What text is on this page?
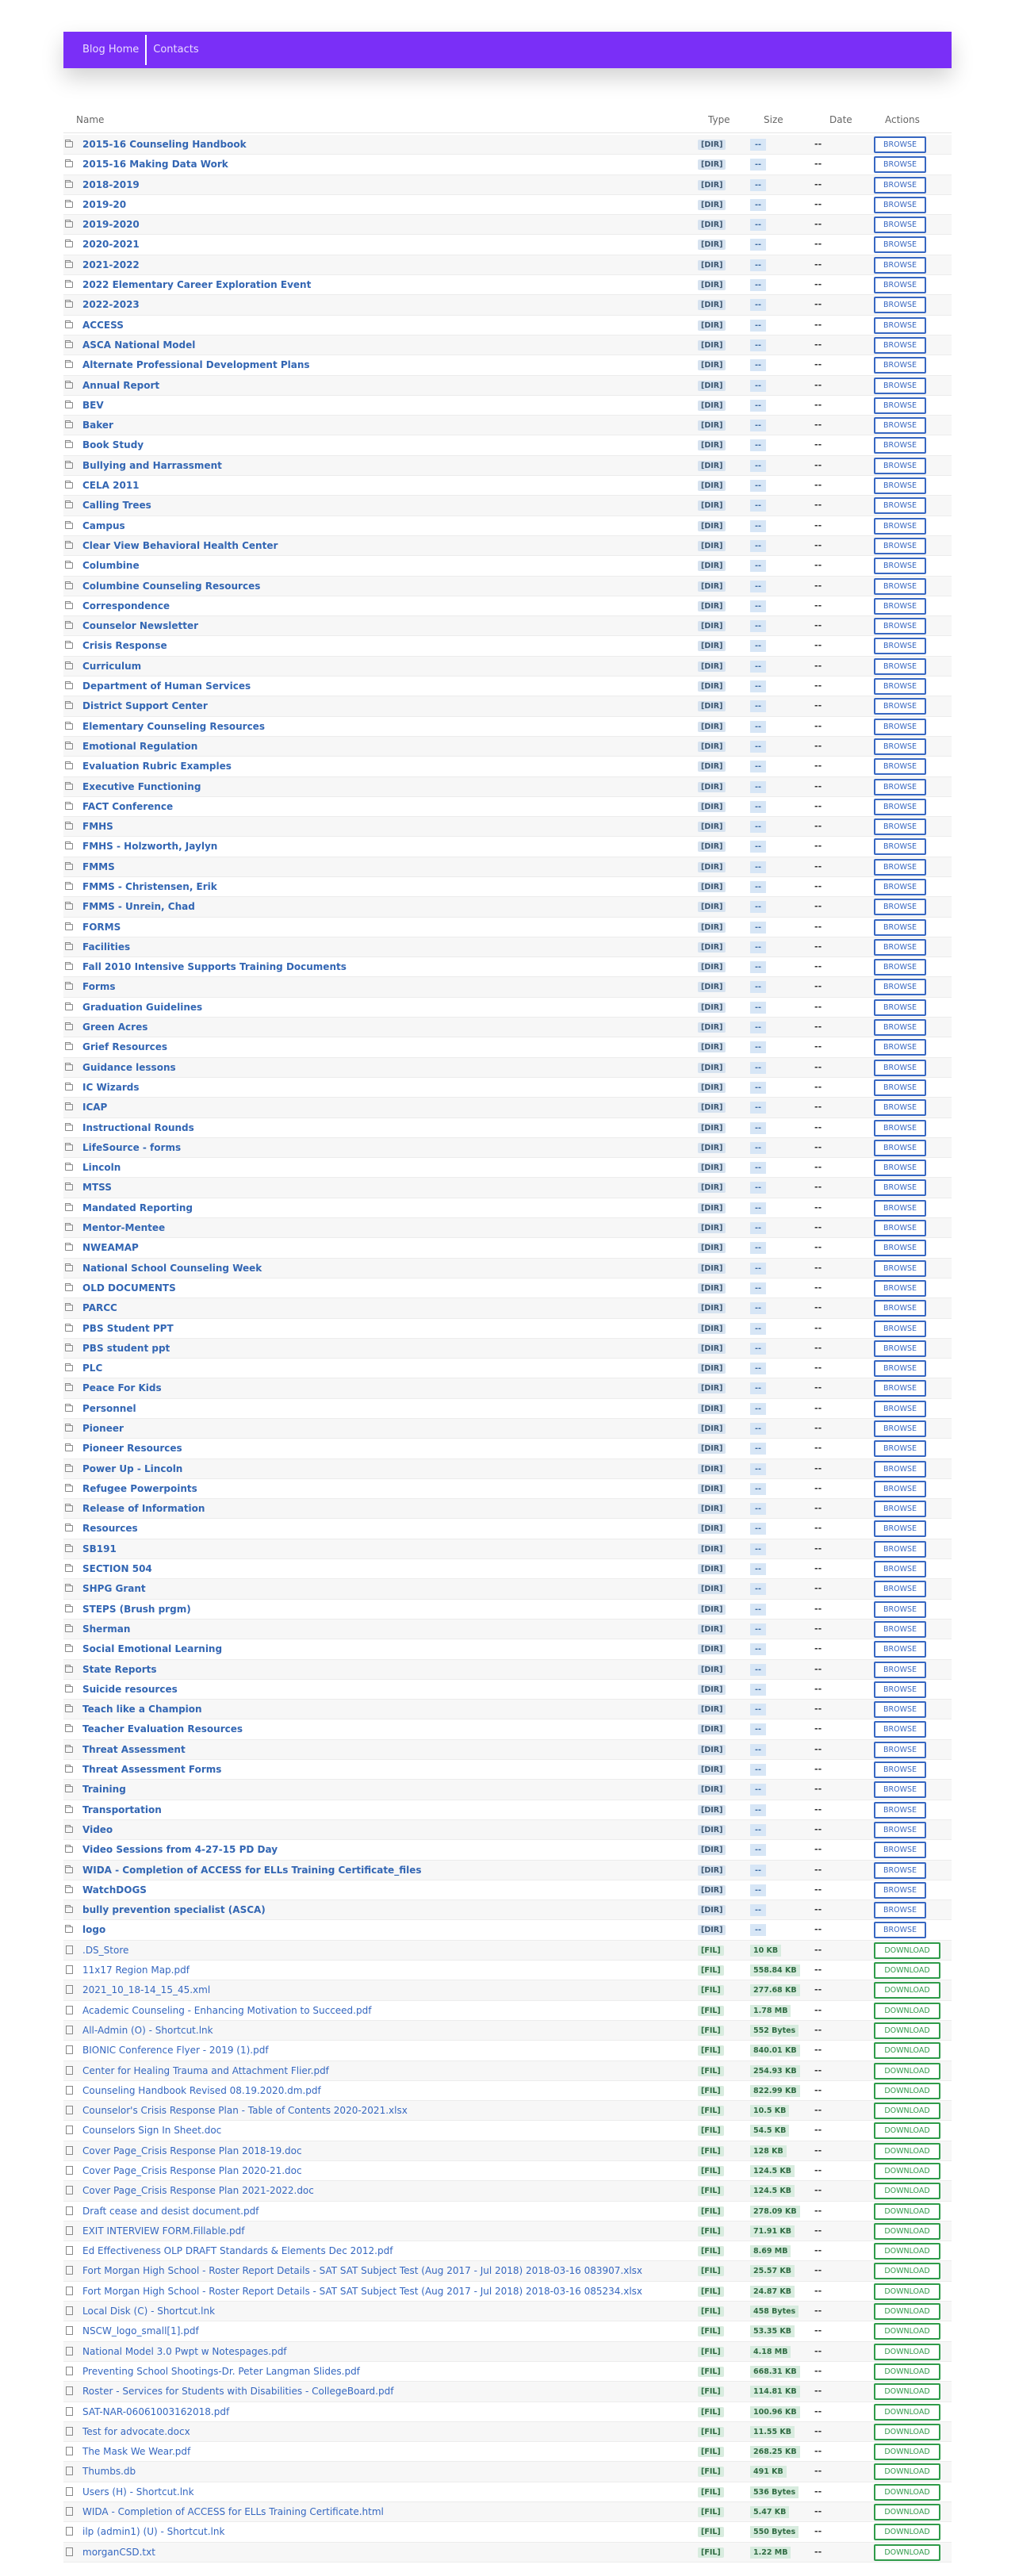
Blog Home Contacts
Name	Type	Size	Date	Actions
2015-16 Counseling Handbook	[DIR]	--	--	BROWSE
2015-16 Making Data Work	[DIR]	--	--	BROWSE
2018-2019	[DIR]	--	--	BROWSE
2019-20	[DIR]	--	--	BROWSE
2019-2020	[DIR]	--	--	BROWSE
2020-2021	[DIR]	--	--	BROWSE
2021-2022	[DIR]	--	--	BROWSE
2022 Elementary Career Exploration Event	[DIR]	--	--	BROWSE
2022-2023	[DIR]	--	--	BROWSE
ACCESS	[DIR]	--	--	BROWSE
ASCA National Model	[DIR]	--	--	BROWSE
Alternate Professional Development Plans	[DIR]	--	--	BROWSE
Annual Report	[DIR]	--	--	BROWSE
BEV	[DIR]	--	--	BROWSE
Baker	[DIR]	--	--	BROWSE
Book Study	[DIR]	--	--	BROWSE
Bullying and Harrassment	[DIR]	--	--	BROWSE
CELA 2011	[DIR]	--	--	BROWSE
Calling Trees	[DIR]	--	--	BROWSE
Campus	[DIR]	--	--	BROWSE
Clear View Behavioral Health Center	[DIR]	--	--	BROWSE
Columbine	[DIR]	--	--	BROWSE
Columbine Counseling Resources	[DIR]	--	--	BROWSE
Correspondence	[DIR]	--	--	BROWSE
Counselor Newsletter	[DIR]	--	--	BROWSE
Crisis Response	[DIR]	--	--	BROWSE
Curriculum	[DIR]	--	--	BROWSE
Department of Human Services	[DIR]	--	--	BROWSE
District Support Center	[DIR]	--	--	BROWSE
Elementary Counseling Resources	[DIR]	--	--	BROWSE
Emotional Regulation	[DIR]	--	--	BROWSE
Evaluation Rubric Examples	[DIR]	--	--	BROWSE
Executive Functioning	[DIR]	--	--	BROWSE
FACT Conference	[DIR]	--	--	BROWSE
FMHS	[DIR]	--	--	BROWSE
FMHS - Holzworth, Jaylyn	[DIR]	--	--	BROWSE
FMMS	[DIR]	--	--	BROWSE
FMMS - Christensen, Erik	[DIR]	--	--	BROWSE
FMMS - Unrein, Chad	[DIR]	--	--	BROWSE
FORMS	[DIR]	--	--	BROWSE
Facilities	[DIR]	--	--	BROWSE
Fall 2010 Intensive Supports Training Documents	[DIR]	--	--	BROWSE
Forms	[DIR]	--	--	BROWSE
Graduation Guidelines	[DIR]	--	--	BROWSE
Green Acres	[DIR]	--	--	BROWSE
Grief Resources	[DIR]	--	--	BROWSE
Guidance lessons	[DIR]	--	--	BROWSE
IC Wizards	[DIR]	--	--	BROWSE
ICAP	[DIR]	--	--	BROWSE
Instructional Rounds	[DIR]	--	--	BROWSE
LifeSource - forms	[DIR]	--	--	BROWSE
Lincoln	[DIR]	--	--	BROWSE
MTSS	[DIR]	--	--	BROWSE
Mandated Reporting	[DIR]	--	--	BROWSE
Mentor-Mentee	[DIR]	--	--	BROWSE
NWEAMAP	[DIR]	--	--	BROWSE
National School Counseling Week	[DIR]	--	--	BROWSE
OLD DOCUMENTS	[DIR]	--	--	BROWSE
PARCC	[DIR]	--	--	BROWSE
PBS Student PPT	[DIR]	--	--	BROWSE
PBS student ppt	[DIR]	--	--	BROWSE
PLC	[DIR]	--	--	BROWSE
Peace For Kids	[DIR]	--	--	BROWSE
Personnel	[DIR]	--	--	BROWSE
Pioneer	[DIR]	--	--	BROWSE
Pioneer Resources	[DIR]	--	--	BROWSE
Power Up - Lincoln	[DIR]	--	--	BROWSE
Refugee Powerpoints	[DIR]	--	--	BROWSE
Release of Information	[DIR]	--	--	BROWSE
Resources	[DIR]	--	--	BROWSE
SB191	[DIR]	--	--	BROWSE
SECTION 504	[DIR]	--	--	BROWSE
SHPG Grant	[DIR]	--	--	BROWSE
STEPS (Brush prgm)	[DIR]	--	--	BROWSE
Sherman	[DIR]	--	--	BROWSE
Social Emotional Learning	[DIR]	--	--	BROWSE
State Reports	[DIR]	--	--	BROWSE
Suicide resources	[DIR]	--	--	BROWSE
Teach like a Champion	[DIR]	--	--	BROWSE
Teacher Evaluation Resources	[DIR]	--	--	BROWSE
Threat Assessment	[DIR]	--	--	BROWSE
Threat Assessment Forms	[DIR]	--	--	BROWSE
Training	[DIR]	--	--	BROWSE
Transportation	[DIR]	--	--	BROWSE
Video	[DIR]	--	--	BROWSE
Video Sessions from 4-27-15 PD Day	[DIR]	--	--	BROWSE
WIDA - Completion of ACCESS for ELLs Training Certificate_files	[DIR]	--	--	BROWSE
WatchDOGS	[DIR]	--	--	BROWSE
bully prevention specialist (ASCA)	[DIR]	--	--	BROWSE
logo	[DIR]	--	--	BROWSE
.DS_Store	[FIL]	10 KB	--	DOWNLOAD
11x17 Region Map.pdf	[FIL]	558.84 KB	--	DOWNLOAD
2021_10_18-14_15_45.xml	[FIL]	277.68 KB	--	DOWNLOAD
Academic Counseling - Enhancing Motivation to Succeed.pdf	[FIL]	1.78 MB	--	DOWNLOAD
All-Admin (O) - Shortcut.lnk	[FIL]	552 Bytes	--	DOWNLOAD
BIONIC Conference Flyer - 2019 (1).pdf	[FIL]	840.01 KB	--	DOWNLOAD
Center for Healing Trauma and Attachment Flier.pdf	[FIL]	254.93 KB	--	DOWNLOAD
Counseling Handbook Revised 08.19.2020.dm.pdf	[FIL]	822.99 KB	--	DOWNLOAD
Counselor's Crisis Response Plan - Table of Contents 2020-2021.xlsx	[FIL]	10.5 KB	--	DOWNLOAD
Counselors Sign In Sheet.doc	[FIL]	54.5 KB	--	DOWNLOAD
Cover Page_Crisis Response Plan 2018-19.doc	[FIL]	128 KB	--	DOWNLOAD
Cover Page_Crisis Response Plan 2020-21.doc	[FIL]	124.5 KB	--	DOWNLOAD
Cover Page_Crisis Response Plan 2021-2022.doc	[FIL]	124.5 KB	--	DOWNLOAD
Draft cease and desist document.pdf	[FIL]	278.09 KB	--	DOWNLOAD
EXIT INTERVIEW FORM.Fillable.pdf	[FIL]	71.91 KB	--	DOWNLOAD
Ed Effectiveness OLP DRAFT Standards & Elements Dec 2012.pdf	[FIL]	8.69 MB	--	DOWNLOAD
Fort Morgan High School - Roster Report Details - SAT SAT Subject Test (Aug 2017 - Jul 2018) 2018-03-16 083907.xlsx	[FIL]	25.57 KB	--	DOWNLOAD
Fort Morgan High School - Roster Report Details - SAT SAT Subject Test (Aug 2017 - Jul 2018) 2018-03-16 085234.xlsx	[FIL]	24.87 KB	--	DOWNLOAD
Local Disk (C) - Shortcut.lnk	[FIL]	458 Bytes	--	DOWNLOAD
NSCW_logo_small[1].pdf	[FIL]	53.35 KB	--	DOWNLOAD
National Model 3.0 Pwpt w Notespages.pdf	[FIL]	4.18 MB	--	DOWNLOAD
Preventing School Shootings-Dr. Peter Langman Slides.pdf	[FIL]	668.31 KB	--	DOWNLOAD
Roster - Services for Students with Disabilities - CollegeBoard.pdf	[FIL]	114.81 KB	--	DOWNLOAD
SAT-NAR-06061003162018.pdf	[FIL]	100.96 KB	--	DOWNLOAD
Test for advocate.docx	[FIL]	11.55 KB	--	DOWNLOAD
The Mask We Wear.pdf	[FIL]	268.25 KB	--	DOWNLOAD
Thumbs.db	[FIL]	491 KB	--	DOWNLOAD
Users (H) - Shortcut.lnk	[FIL]	536 Bytes	--	DOWNLOAD
WIDA - Completion of ACCESS for ELLs Training Certificate.html	[FIL]	5.47 KB	--	DOWNLOAD
ilp (admin1) (U) - Shortcut.lnk	[FIL]	550 Bytes	--	DOWNLOAD
morganCSD.txt	[FIL]	1.22 MB	--	DOWNLOAD
